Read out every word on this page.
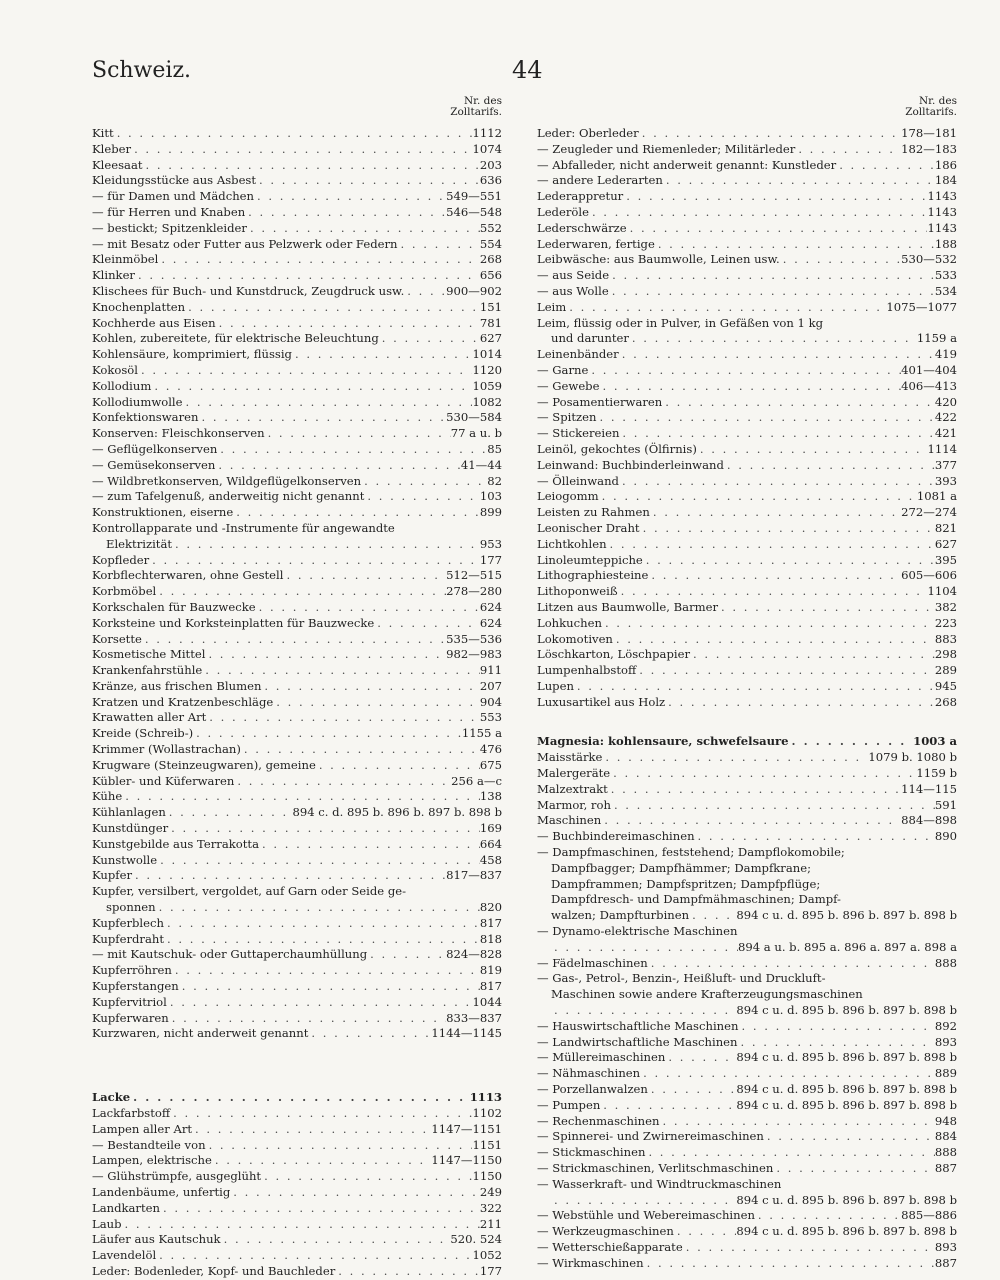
Schweiz.	44
Nr. des
Zolltarifs.
Kitt . . .	1112
Kleber . . .	1074
Kleesaat . . .	203
Kleidungsstücke aus Asbest . . .	636
— für Damen und Mädchen . . .	549—551
— für Herren und Knaben . . .	546—548
— bestickt; Spitzenkleider . . .	552
— mit Besatz oder Futter aus Pelzwerk oder Federn . . .	554
Kleinmöbel . . .	268
Klinker . . .	656
Klischees für Buch- und Kunstdruck, Zeugdruck usw. . . .	900—902
Knochenplatten . . .	151
Kochherde aus Eisen . . .	781
Kohlen, zubereitete, für elektrische Beleuchtung . . .	627
Kohlensäure, komprimiert, flüssig . . .	1014
Kokosöl . . .	1120
Kollodium . . .	1059
Kollodiumwolle . . .	1082
Konfektionswaren . . .	530—584
Konserven: Fleischkonserven . . .	77 a u. b
— Geflügelkonserven . . .	85
— Gemüsekonserven . . .	41—44
— Wildbretkonserven, Wildgeflügelkonserven . . .	82
— zum Tafelgenuß, anderweitig nicht genannt . . .	103
Konstruktionen, eiserne . . .	899
Kontrollapparate und -Instrumente für angewandte
Elektrizität . . .	953
Kopfleder . . .	177
Korbflechterwaren, ohne Gestell . . .	512—515
Korbmöbel . . .	278—280
Korkschalen für Bauzwecke . . .	624
Korksteine und Korksteinplatten für Bauzwecke . . .	624
Korsette . . .	535—536
Kosmetische Mittel . . .	982—983
Krankenfahrstühle . . .	911
Kränze, aus frischen Blumen . . .	207
Kratzen und Kratzenbeschläge . . .	904
Krawatten aller Art . . .	553
Kreide (Schreib-) . . .	1155 a
Krimmer (Wollastrachan) . . .	476
Krugware (Steinzeugwaren), gemeine . . .	675
Kübler- und Küferwaren . . .	256 a—c
Kühe . . .	138
Kühlanlagen . . .	894 c. d. 895 b. 896 b. 897 b. 898 b
Kunstdünger . . .	169
Kunstgebilde aus Terrakotta . . .	664
Kunstwolle . . .	458
Kupfer . . .	817—837
Kupfer, versilbert, vergoldet, auf Garn oder Seide ge-
sponnen . . .	820
Kupferblech . . .	817
Kupferdraht . . .	818
— mit Kautschuk- oder Guttaperchaumhüllung . . .	824—828
Kupferröhren . . .	819
Kupferstangen . . .	817
Kupfervitriol . . .	1044
Kupferwaren . . .	833—837
Kurzwaren, nicht anderweit genannt . . .	1144—1145
Lacke . . .	1113
Lackfarbstoff . . .	1102
Lampen aller Art . . .	1147—1151
— Bestandteile von . . .	1151
Lampen, elektrische . . .	1147—1150
— Glühstrümpfe, ausgeglüht . . .	1150
Landenbäume, unfertig . . .	249
Landkarten . . .	322
Laub . . .	211
Läufer aus Kautschuk . . .	520. 524
Lavendelöl . . .	1052
Leder: Bodenleder, Kopf- und Bauchleder . . .	177
Nr. des
Zolltarifs.
Leder: Oberleder . . .	178—181
— Zeugleder und Riemenleder; Militärleder . . .	182—183
— Abfalleder, nicht anderweit genannt: Kunstleder . . .	186
— andere Lederarten . . .	184
Lederappretur . . .	1143
Lederöle . . .	1143
Lederschwärze . . .	1143
Lederwaren, fertige . . .	188
Leibwäsche: aus Baumwolle, Leinen usw. . . .	530—532
— aus Seide . . .	533
— aus Wolle . . .	534
Leim . . .	1075—1077
Leim, flüssig oder in Pulver, in Gefäßen von 1 kg
und darunter . . .	1159 a
Leinenbänder . . .	419
— Garne . . .	401—404
— Gewebe . . .	406—413
— Posamentierwaren . . .	420
— Spitzen . . .	422
— Stickereien . . .	421
Leinöl, gekochtes (Ölfirnis) . . .	1114
Leinwand: Buchbinderleinwand . . .	377
— Ölleinwand . . .	393
Leiogomm . . .	1081 a
Leisten zu Rahmen . . .	272—274
Leonischer Draht . . .	821
Lichtkohlen . . .	627
Linoleumteppiche . . .	395
Lithographiesteine . . .	605—606
Lithoponweiß . . .	1104
Litzen aus Baumwolle, Barmer . . .	382
Lohkuchen . . .	223
Lokomotiven . . .	883
Löschkarton, Löschpapier . . .	298
Lumpenhalbstoff . . .	289
Lupen . . .	945
Luxusartikel aus Holz . . .	268
Magnesia: kohlensaure, schwefelsaure . . .	1003 a
Maisstärke . . .	1079 b. 1080 b
Malergeräte . . .	1159 b
Malzextrakt . . .	114—115
Marmor, roh . . .	591
Maschinen . . .	884—898
— Buchbindereimaschinen . . .	890
— Dampfmaschinen, feststehend; Dampflokomobile;
Dampfbagger; Dampfhämmer; Dampfkrane;
Dampframmen; Dampfspritzen; Dampfpflüge;
Dampfdresch- und Dampfmähmaschinen; Dampf-
walzen; Dampfturbinen . . .	894 c u. d. 895 b. 896 b. 897 b. 898 b
— Dynamo-elektrische Maschinen
. . .
894 a u. b. 895 a. 896 a. 897 a. 898 a
— Fädelmaschinen . . .	888
— Gas-, Petrol-, Benzin-, Heißluft- und Druckluft-
Maschinen sowie andere Krafterzeugungsmaschinen
. . .
894 c u. d. 895 b. 896 b. 897 b. 898 b
— Hauswirtschaftliche Maschinen . . .	892
— Landwirtschaftliche Maschinen . . .	893
— Müllereimaschinen . . .	894 c u. d. 895 b. 896 b. 897 b. 898 b
— Nähmaschinen . . .	889
— Porzellanwalzen . . .	894 c u. d. 895 b. 896 b. 897 b. 898 b
— Pumpen . . .	894 c u. d. 895 b. 896 b. 897 b. 898 b
— Rechenmaschinen . . .	948
— Spinnerei- und Zwirnereimaschinen . . .	884
— Stickmaschinen . . .	888
— Strickmaschinen, Verlitschmaschinen . . .	887
— Wasserkraft- und Windtruckmaschinen
. . .
894 c u. d. 895 b. 896 b. 897 b. 898 b
— Webstühle und Webereimaschinen . . .	885—886
— Werkzeugmaschinen . . .	894 c u. d. 895 b. 896 b. 897 b. 898 b
— Wetterschießapparate . . .	893
— Wirkmaschinen . . .	887
